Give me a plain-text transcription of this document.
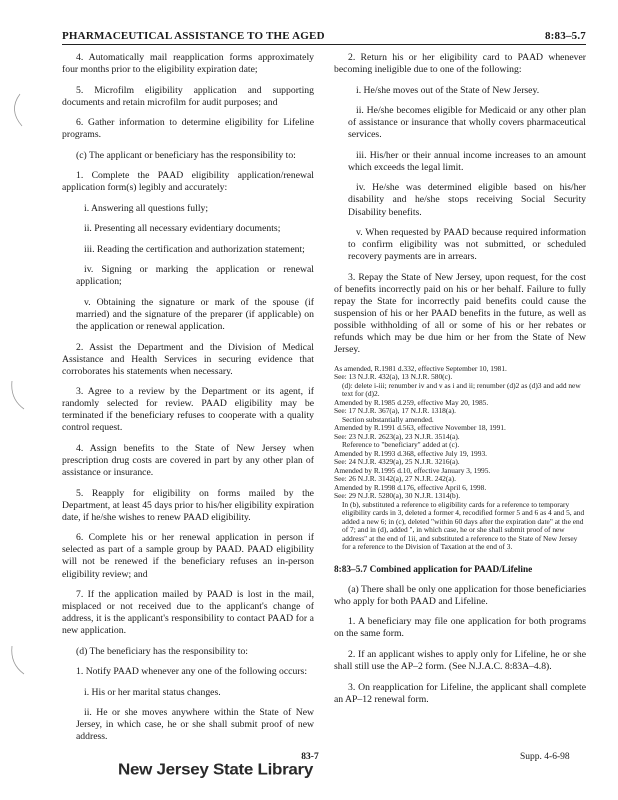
PHARMACEUTICAL ASSISTANCE TO THE AGED	8:83–5.7

4. Automatically mail reapplication forms approximately four months prior to the eligibility expiration date;

5. Microfilm eligibility application and supporting documents and retain microfilm for audit purposes; and

6. Gather information to determine eligibility for Lifeline programs.

(c) The applicant or beneficiary has the responsibility to:

1. Complete the PAAD eligibility application/renewal application form(s) legibly and accurately:

i. Answering all questions fully;

ii. Presenting all necessary evidentiary documents;

iii. Reading the certification and authorization statement;

iv. Signing or marking the application or renewal application;

v. Obtaining the signature or mark of the spouse (if married) and the signature of the preparer (if applicable) on the application or renewal application.

2. Assist the Department and the Division of Medical Assistance and Health Services in securing evidence that corroborates his statements when necessary.

3. Agree to a review by the Department or its agent, if randomly selected for review. PAAD eligibility may be terminated if the beneficiary refuses to cooperate with a quality control request.

4. Assign benefits to the State of New Jersey when prescription drug costs are covered in part by any other plan of assistance or insurance.

5. Reapply for eligibility on forms mailed by the Department, at least 45 days prior to his/her eligibility expiration date, if he/she wishes to renew PAAD eligibility.

6. Complete his or her renewal application in person if selected as part of a sample group by PAAD. PAAD eligibility will not be renewed if the beneficiary refuses an in-person eligibility review; and

7. If the application mailed by PAAD is lost in the mail, misplaced or not received due to the applicant's change of address, it is the applicant's responsibility to contact PAAD for a new application.

(d) The beneficiary has the responsibility to:

1. Notify PAAD whenever any one of the following occurs:

i. His or her marital status changes.

ii. He or she moves anywhere within the State of New Jersey, in which case, he or she shall submit proof of new address.

2. Return his or her eligibility card to PAAD whenever becoming ineligible due to one of the following:

i. He/she moves out of the State of New Jersey.

ii. He/she becomes eligible for Medicaid or any other plan of assistance or insurance that wholly covers pharmaceutical services.

iii. His/her or their annual income increases to an amount which exceeds the legal limit.

iv. He/she was determined eligible based on his/her disability and he/she stops receiving Social Security Disability benefits.

v. When requested by PAAD because required information to confirm eligibility was not submitted, or scheduled recovery payments are in arrears.

3. Repay the State of New Jersey, upon request, for the cost of benefits incorrectly paid on his or her behalf. Failure to fully repay the State for incorrectly paid benefits could cause the suspension of his or her PAAD benefits in the future, as well as possible withholding of all or some of his or her rebates or refunds which may be due him or her from the State of New Jersey.

As amended, R.1981 d.332, effective September 10, 1981.
See: 13 N.J.R. 432(a), 13 N.J.R. 580(c).
(d): delete i-iii; renumber iv and v as i and ii; renumber (d)2 as (d)3 and add new text for (d)2.
Amended by R.1985 d.259, effective May 20, 1985.
See: 17 N.J.R. 367(a), 17 N.J.R. 1318(a).
Section substantially amended.
Amended by R.1991 d.563, effective November 18, 1991.
See: 23 N.J.R. 2623(a), 23 N.J.R. 3514(a).
Reference to "beneficiary" added at (c).
Amended by R.1993 d.368, effective July 19, 1993.
See: 24 N.J.R. 4329(a), 25 N.J.R. 3216(a).
Amended by R.1995 d.10, effective January 3, 1995.
See: 26 N.J.R. 3142(a), 27 N.J.R. 242(a).
Amended by R.1998 d.176, effective April 6, 1998.
See: 29 N.J.R. 5280(a), 30 N.J.R. 1314(b).
In (b), substituted a reference to eligibility cards for a reference to temporary eligibility cards in 3, deleted a former 4, recodified former 5 and 6 as 4 and 5, and added a new 6; in (c), deleted "within 60 days after the expiration date" at the end of 7; and in (d), added ", in which case, he or she shall submit proof of new address" at the end of 1ii, and substituted a reference to the State of New Jersey for a reference to the Division of Taxation at the end of 3.
8:83–5.7 Combined application for PAAD/Lifeline

(a) There shall be only one application for those beneficiaries who apply for both PAAD and Lifeline.

1. A beneficiary may file one application for both programs on the same form.

2. If an applicant wishes to apply only for Lifeline, he or she shall still use the AP–2 form. (See N.J.A.C. 8:83A–4.8).

3. On reapplication for Lifeline, the applicant shall complete an AP–12 renewal form.

83-7	Supp. 4-6-98
New Jersey State Library
